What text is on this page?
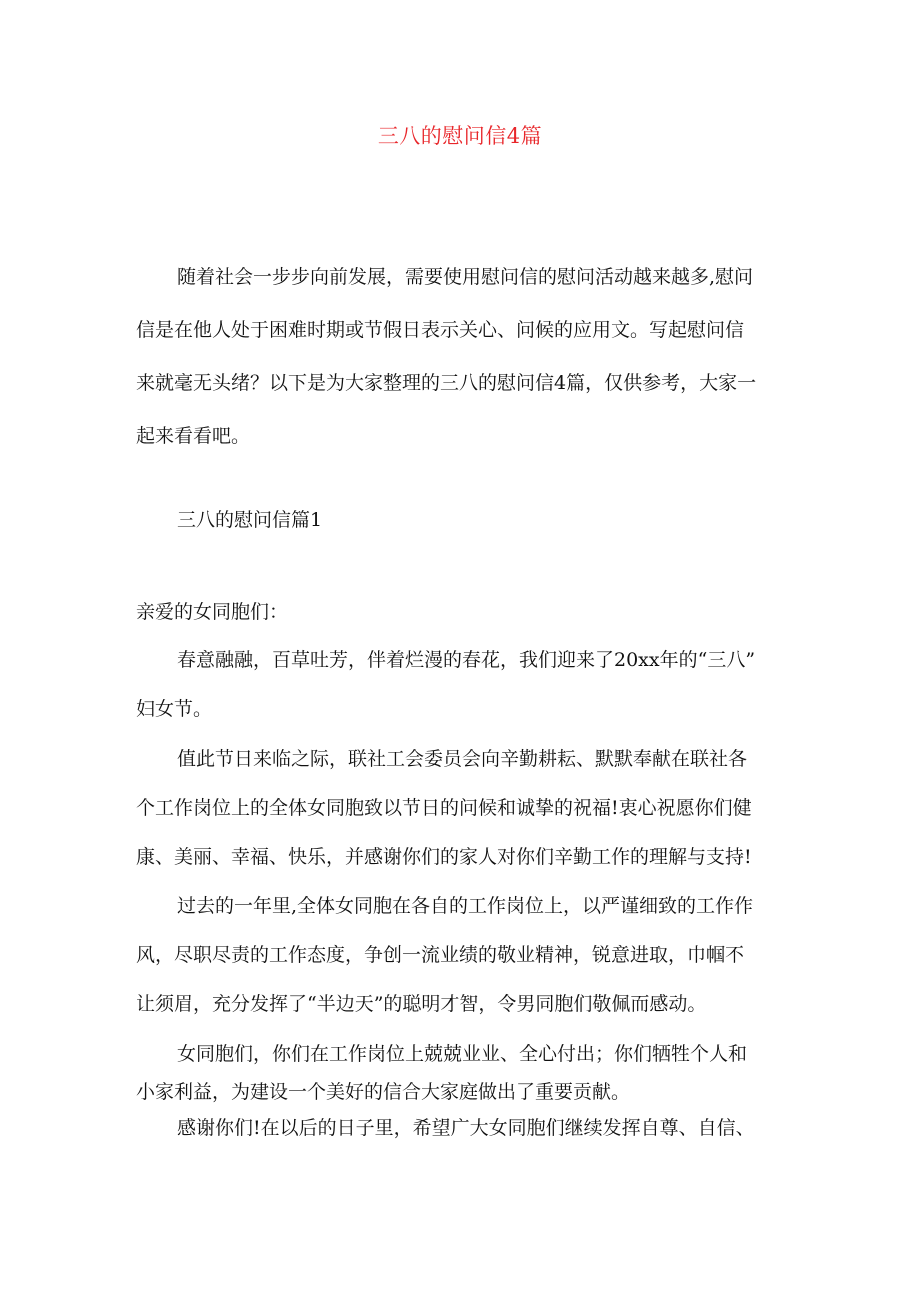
三八的慰问信4篇
随着社会一步步向前发展，需要使用慰问信的慰问活动越来越多,慰问
信是在他人处于困难时期或节假日表示关心、问候的应用文。写起慰问信
来就毫无头绪？以下是为大家整理的三八的慰问信4篇，仅供参考，大家一
起来看看吧。
三八的慰问信篇1
亲爱的女同胞们：
春意融融，百草吐芳，伴着烂漫的春花，我们迎来了20xx年的“三八”
妇女节。
值此节日来临之际，联社工会委员会向辛勤耕耘、默默奉献在联社各
个工作岗位上的全体女同胞致以节日的问候和诚挚的祝福!衷心祝愿你们健
康、美丽、幸福、快乐，并感谢你们的家人对你们辛勤工作的理解与支持!
过去的一年里,全体女同胞在各自的工作岗位上，以严谨细致的工作作
风，尽职尽责的工作态度，争创一流业绩的敬业精神，锐意进取，巾帼不
让须眉，充分发挥了“半边天”的聪明才智，令男同胞们敬佩而感动。
女同胞们，你们在工作岗位上兢兢业业、全心付出；你们牺牲个人和
小家利益，为建设一个美好的信合大家庭做出了重要贡献。
感谢你们!在以后的日子里，希望广大女同胞们继续发挥自尊、自信、
